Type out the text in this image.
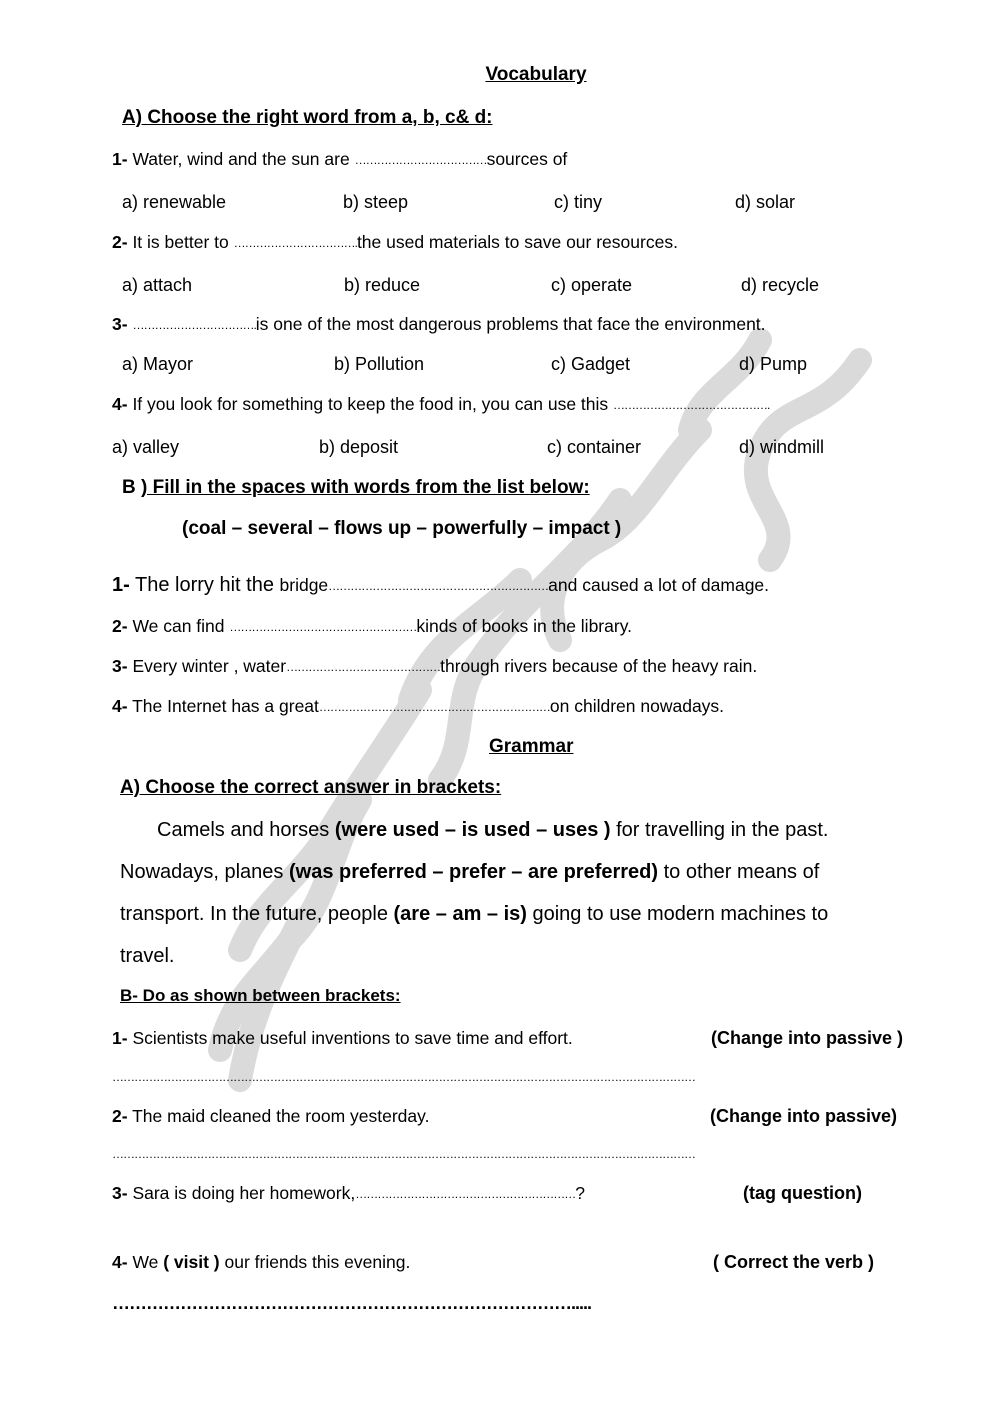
Vocabulary
A) Choose the right word from a, b, c& d:
1- Water, wind and the sun are ………………………………sources of
a) renewable	b) steep	c) tiny	d) solar
2- It is better to …………………………….the used materials to save our resources.
a) attach	b) reduce	c) operate	d) recycle
3- …………………………….is one of the most dangerous problems that face the environment.
a) Mayor	b) Pollution	c) Gadget	d) Pump
4- If you look for something to keep the food in, you can use this …………………………………….
a) valley	b) deposit	c) container	d) windmill
B ) Fill in the spaces with words from the list below:
(coal – several – flows up – powerfully – impact )
1- The lorry hit the bridge……………………………………………………and caused a lot of damage.
2- We can find ……………………………………………kinds of books in the library.
3- Every winter , water……………………………………through rivers because of the heavy rain.
4- The Internet has a great………………………………………………………on children nowadays.
Grammar
A) Choose the correct answer in brackets:
Camels and horses (were used – is used – uses ) for travelling in the past.
Nowadays, planes (was preferred – prefer – are preferred) to other means of
transport. In the future, people (are – am – is) going to use modern machines to
travel.
B- Do as shown between brackets:
1- Scientists make useful inventions to save time and effort.	(Change into passive )
……………………………………………………………………………………………………………………………………………
2- The maid cleaned the room yesterday.	(Change into passive)
……………………………………………………………………………………………………………………………………………
3- Sara is doing her homework,……………………………………………………?	(tag question)
4- We ( visit ) our friends this evening.	( Correct the verb )
……………………………………………………………………….....
